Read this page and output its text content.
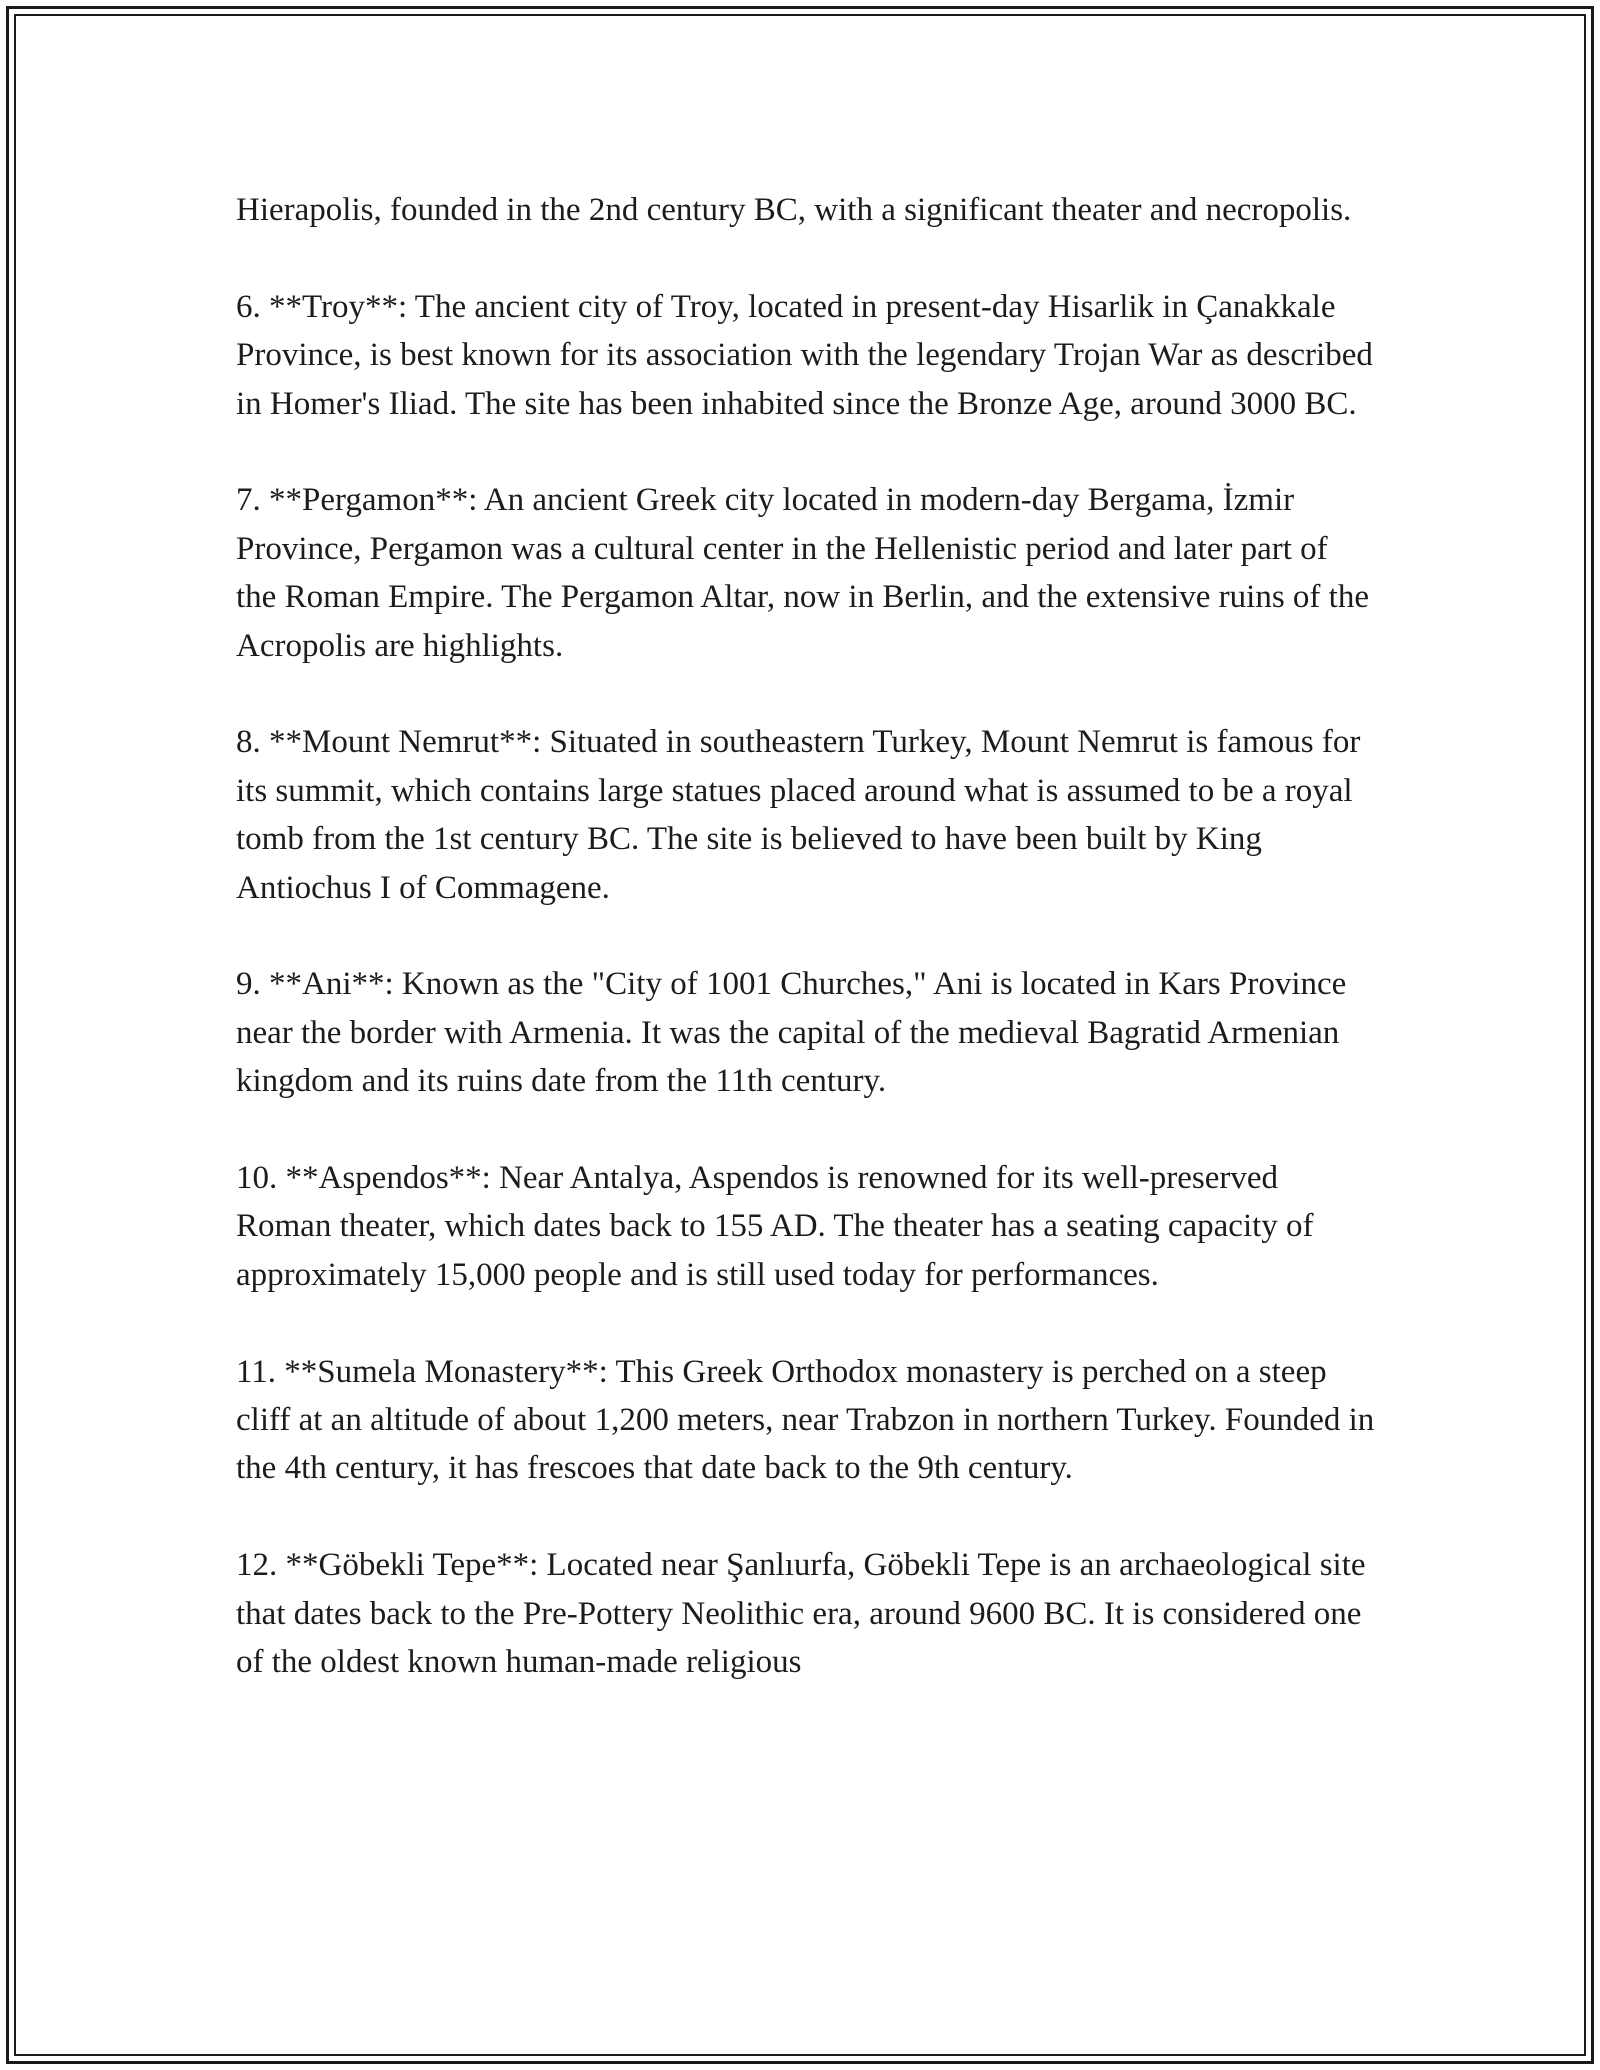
Hierapolis, founded in the 2nd century BC, with a significant theater and necropolis.

6. **Troy**: The ancient city of Troy, located in present-day Hisarlik in Çanakkale Province, is best known for its association with the legendary Trojan War as described in Homer's Iliad. The site has been inhabited since the Bronze Age, around 3000 BC.

7. **Pergamon**: An ancient Greek city located in modern-day Bergama, İzmir Province, Pergamon was a cultural center in the Hellenistic period and later part of the Roman Empire. The Pergamon Altar, now in Berlin, and the extensive ruins of the Acropolis are highlights.

8. **Mount Nemrut**: Situated in southeastern Turkey, Mount Nemrut is famous for its summit, which contains large statues placed around what is assumed to be a royal tomb from the 1st century BC. The site is believed to have been built by King Antiochus I of Commagene.

9. **Ani**: Known as the "City of 1001 Churches," Ani is located in Kars Province near the border with Armenia. It was the capital of the medieval Bagratid Armenian kingdom and its ruins date from the 11th century.

10. **Aspendos**: Near Antalya, Aspendos is renowned for its well-preserved Roman theater, which dates back to 155 AD. The theater has a seating capacity of approximately 15,000 people and is still used today for performances.

11. **Sumela Monastery**: This Greek Orthodox monastery is perched on a steep cliff at an altitude of about 1,200 meters, near Trabzon in northern Turkey. Founded in the 4th century, it has frescoes that date back to the 9th century.

12. **Göbekli Tepe**: Located near Şanlıurfa, Göbekli Tepe is an archaeological site that dates back to the Pre-Pottery Neolithic era, around 9600 BC. It is considered one of the oldest known human-made religious
